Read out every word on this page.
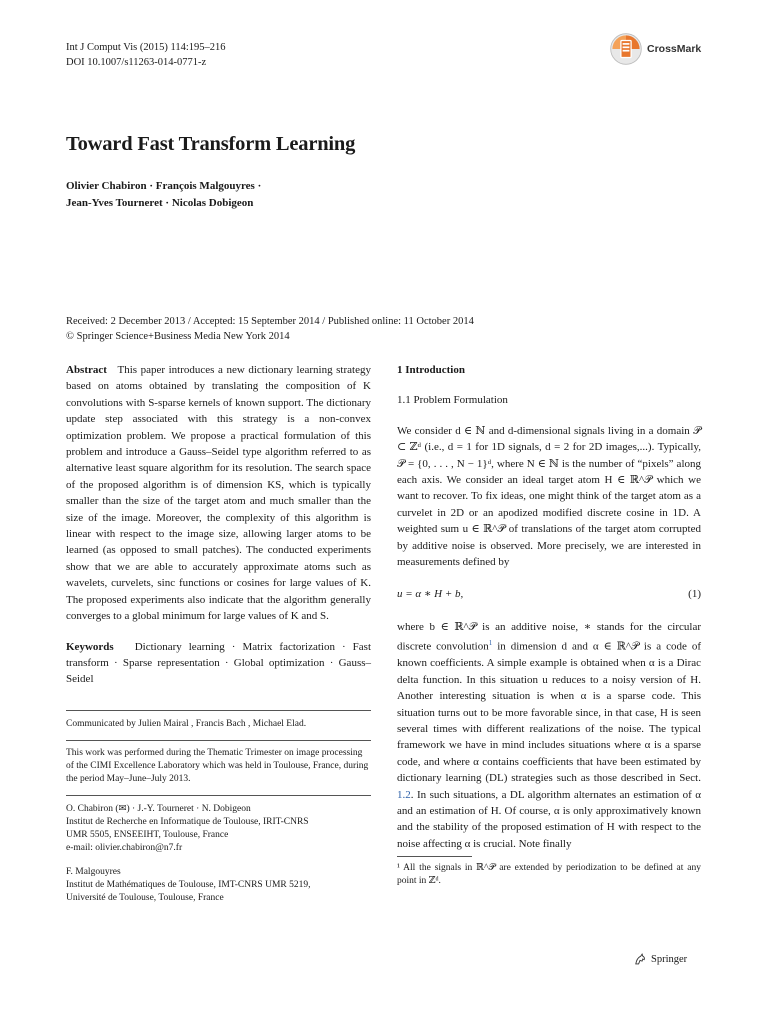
Int J Comput Vis (2015) 114:195–216
DOI 10.1007/s11263-014-0771-z
CrossMark
Toward Fast Transform Learning
Olivier Chabiron · François Malgouyres ·
Jean-Yves Tourneret · Nicolas Dobigeon
Received: 2 December 2013 / Accepted: 15 September 2014 / Published online: 11 October 2014
© Springer Science+Business Media New York 2014
Abstract This paper introduces a new dictionary learning strategy based on atoms obtained by translating the composition of K convolutions with S-sparse kernels of known support. The dictionary update step associated with this strategy is a non-convex optimization problem. We propose a practical formulation of this problem and introduce a Gauss–Seidel type algorithm referred to as alternative least square algorithm for its resolution. The search space of the proposed algorithm is of dimension KS, which is typically smaller than the size of the target atom and much smaller than the size of the image. Moreover, the complexity of this algorithm is linear with respect to the image size, allowing larger atoms to be learned (as opposed to small patches). The conducted experiments show that we are able to accurately approximate atoms such as wavelets, curvelets, sinc functions or cosines for large values of K. The proposed experiments also indicate that the algorithm generally converges to a global minimum for large values of K and S.
Keywords Dictionary learning · Matrix factorization · Fast transform · Sparse representation · Global optimization · Gauss–Seidel
Communicated by Julien Mairal , Francis Bach , Michael Elad.
This work was performed during the Thematic Trimester on image processing of the CIMI Excellence Laboratory which was held in Toulouse, France, during the period May–June–July 2013.
O. Chabiron (✉) · J.-Y. Tourneret · N. Dobigeon
Institut de Recherche en Informatique de Toulouse, IRIT-CNRS
UMR 5505, ENSEEIHT, Toulouse, France
e-mail: olivier.chabiron@n7.fr
F. Malgouyres
Institut de Mathématiques de Toulouse, IMT-CNRS UMR 5219,
Université de Toulouse, Toulouse, France
1 Introduction
1.1 Problem Formulation
We consider d ∈ ℕ and d-dimensional signals living in a domain 𝒫 ⊂ ℤᵈ (i.e., d = 1 for 1D signals, d = 2 for 2D images,...). Typically, 𝒫 = {0, . . . , N − 1}ᵈ, where N ∈ ℕ is the number of “pixels” along each axis. We consider an ideal target atom H ∈ ℝ^𝒫 which we want to recover. To fix ideas, one might think of the target atom as a curvelet in 2D or an apodized modified discrete cosine in 1D. A weighted sum u ∈ ℝ^𝒫 of translations of the target atom corrupted by additive noise is observed. More precisely, we are interested in measurements defined by
u = α ∗ H + b,	(1)
where b ∈ ℝ^𝒫 is an additive noise, ∗ stands for the circular discrete convolution$^1$ in dimension d and α ∈ ℝ^𝒫 is a code of known coefficients. A simple example is obtained when α is a Dirac delta function. In this situation u reduces to a noisy version of H. Another interesting situation is when α is a sparse code. This situation turns out to be more favorable since, in that case, H is seen several times with different realizations of the noise. The typical framework we have in mind includes situations where α is a sparse code, and where α contains coefficients that have been estimated by dictionary learning (DL) strategies such as those described in Sect. 1.2. In such situations, a DL algorithm alternates an estimation of α and an estimation of H. Of course, α is only approximatively known and the stability of the proposed estimation of H with respect to the noise affecting α is crucial. Note finally
¹ All the signals in ℝ^𝒫 are extended by periodization to be defined at any point in ℤᵈ.
Springer
